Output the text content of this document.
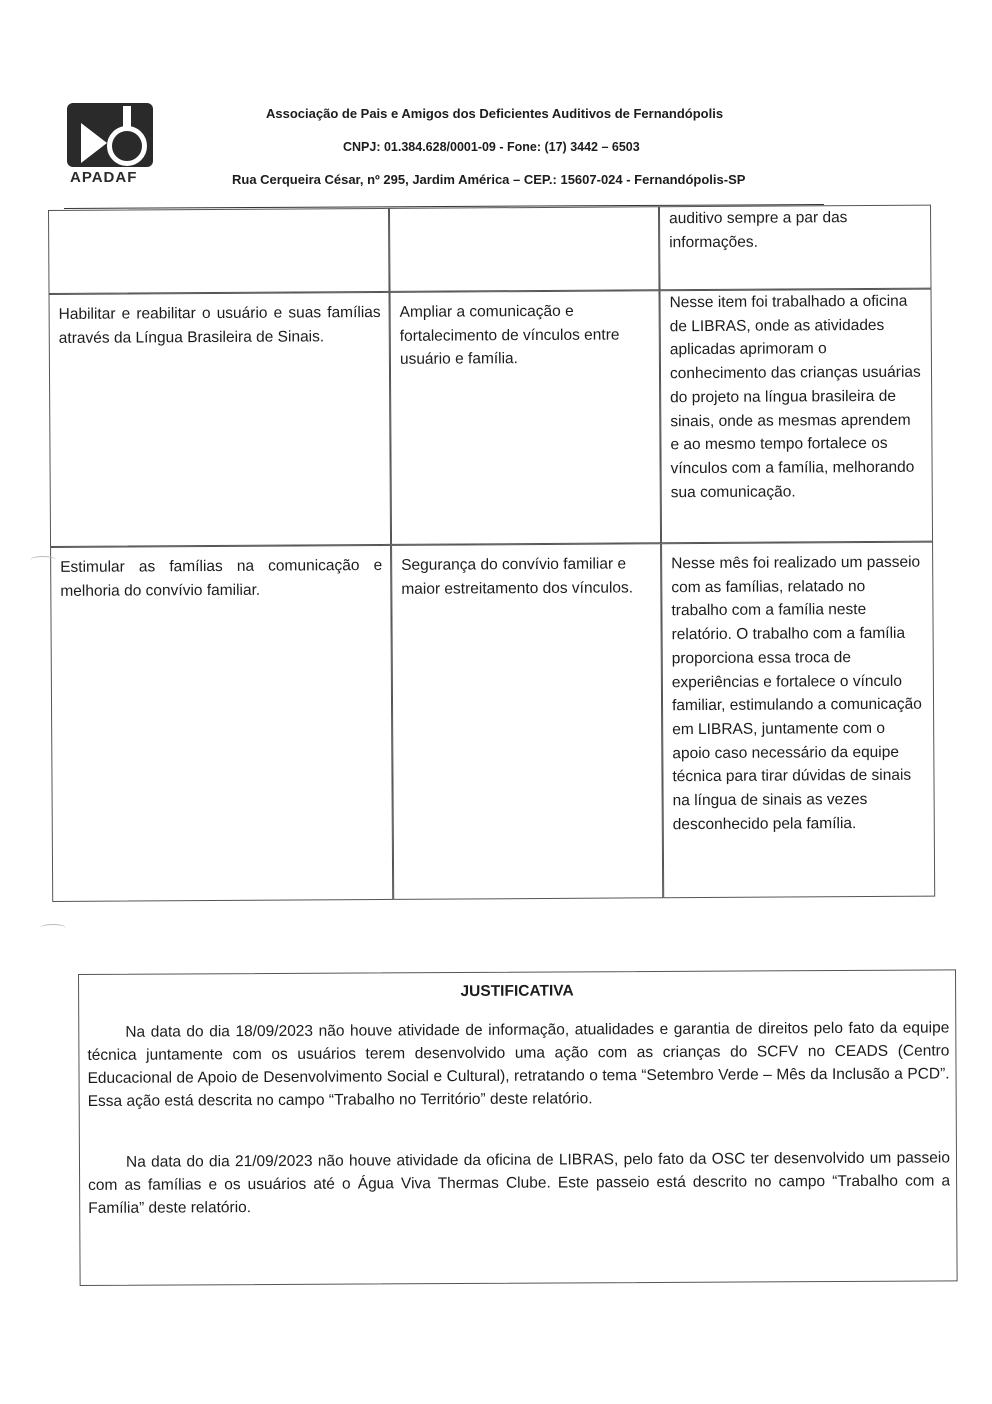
APADAF
Associação de Pais e Amigos dos Deficientes Auditivos de Fernandópolis
CNPJ: 01.384.628/0001-09 - Fone: (17) 3442 – 6503
Rua Cerqueira César, nº 295, Jardim América – CEP.: 15607-024 - Fernandópolis-SP
auditivo sempre a par das informações.
Habilitar e reabilitar o usuário e suas famílias através da Língua Brasileira de Sinais.
Ampliar a comunicação e fortalecimento de vínculos entre usuário e família.
Nesse item foi trabalhado a oficina de LIBRAS, onde as atividades aplicadas aprimoram o conhecimento das crianças usuárias do projeto na língua brasileira de sinais, onde as mesmas aprendem e ao mesmo tempo fortalece os vínculos com a família, melhorando sua comunicação.
Estimular as famílias na comunicação e melhoria do convívio familiar.
Segurança do convívio familiar e maior estreitamento dos vínculos.
Nesse mês foi realizado um passeio com as famílias, relatado no trabalho com a família neste relatório. O trabalho com a família proporciona essa troca de experiências e fortalece o vínculo familiar, estimulando a comunicação em LIBRAS, juntamente com o apoio caso necessário da equipe técnica para tirar dúvidas de sinais na língua de sinais as vezes desconhecido pela família.
JUSTIFICATIVA

Na data do dia 18/09/2023 não houve atividade de informação, atualidades e garantia de direitos pelo fato da equipe técnica juntamente com os usuários terem desenvolvido uma ação com as crianças do SCFV no CEADS (Centro Educacional de Apoio de Desenvolvimento Social e Cultural), retratando o tema “Setembro Verde – Mês da Inclusão a PCD”. Essa ação está descrita no campo “Trabalho no Território” deste relatório.

Na data do dia 21/09/2023 não houve atividade da oficina de LIBRAS, pelo fato da OSC ter desenvolvido um passeio com as famílias e os usuários até o Água Viva Thermas Clube. Este passeio está descrito no campo “Trabalho com a Família” deste relatório.
